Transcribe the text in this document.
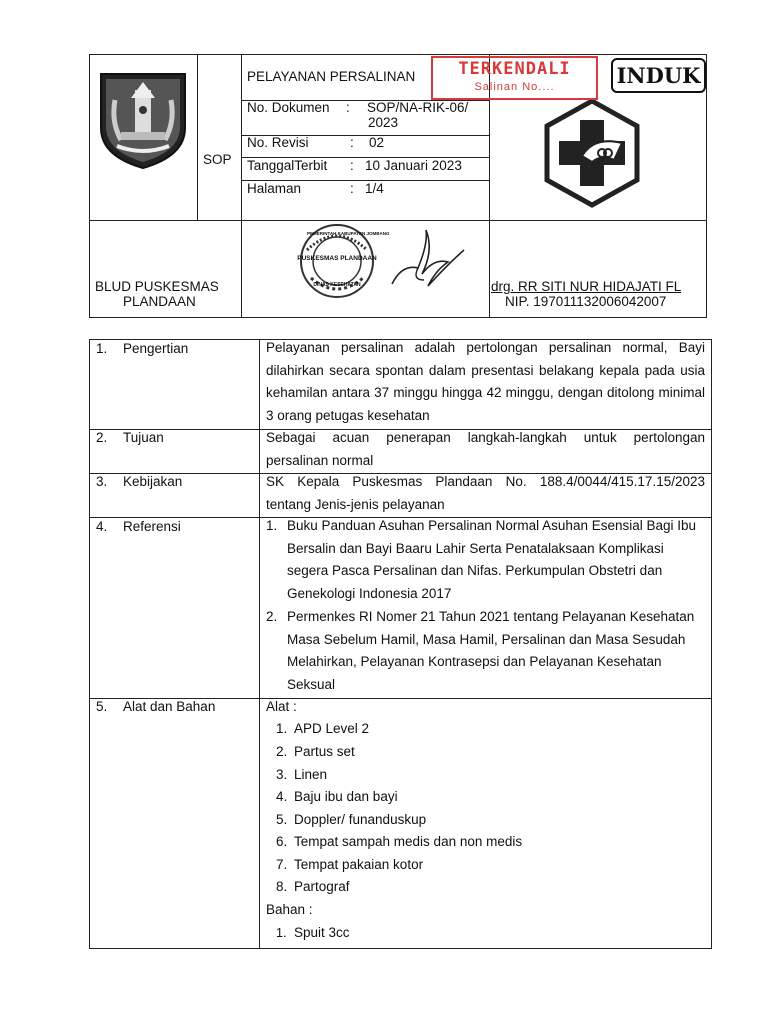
PELAYANAN PERSALINAN
SOP
No. Dokumen : SOP/NA-RIK-06/
2023
No. Revisi	: 02
TanggalTerbit : 10 Januari 2023
Halaman	: 1/4
TERKENDALI
Salinan No....	INDUK
BLUD PUSKESMAS
PLANDAAN
PUSKESMAS PLANDAAN
PEMERINTAH KABUPATEN JOMBANG
DINAS KESEHATAN	drg. RR SITI NUR HIDAJATI FL
NIP. 197011132006042007
1. Pengertian	Pelayanan persalinan adalah pertolongan persalinan normal, Bayi dilahirkan secara spontan dalam presentasi belakang kepala pada usia kehamilan antara 37 minggu hingga 42 minggu, dengan ditolong minimal 3 orang petugas kesehatan
2. Tujuan	Sebagai acuan penerapan langkah-langkah untuk pertolongan persalinan normal
3. Kebijakan	SK Kepala Puskesmas Plandaan No. 188.4/0044/415.17.15/2023 tentang Jenis-jenis pelayanan
4. Referensi	1. Buku Panduan Asuhan Persalinan Normal Asuhan Esensial Bagi Ibu Bersalin dan Bayi Baaru Lahir Serta Penatalaksaan Komplikasi segera Pasca Persalinan dan Nifas. Perkumpulan Obstetri dan Genekologi Indonesia 2017
2. Permenkes RI Nomer 21 Tahun 2021 tentang Pelayanan Kesehatan Masa Sebelum Hamil, Masa Hamil, Persalinan dan Masa Sesudah Melahirkan, Pelayanan Kontrasepsi dan Pelayanan Kesehatan Seksual
5. Alat dan Bahan	Alat :
1. APD Level 2
2. Partus set
3. Linen
4. Baju ibu dan bayi
5. Doppler/ funanduskup
6. Tempat sampah medis dan non medis
7. Tempat pakaian kotor
8. Partograf
Bahan :
1. Spuit 3cc
